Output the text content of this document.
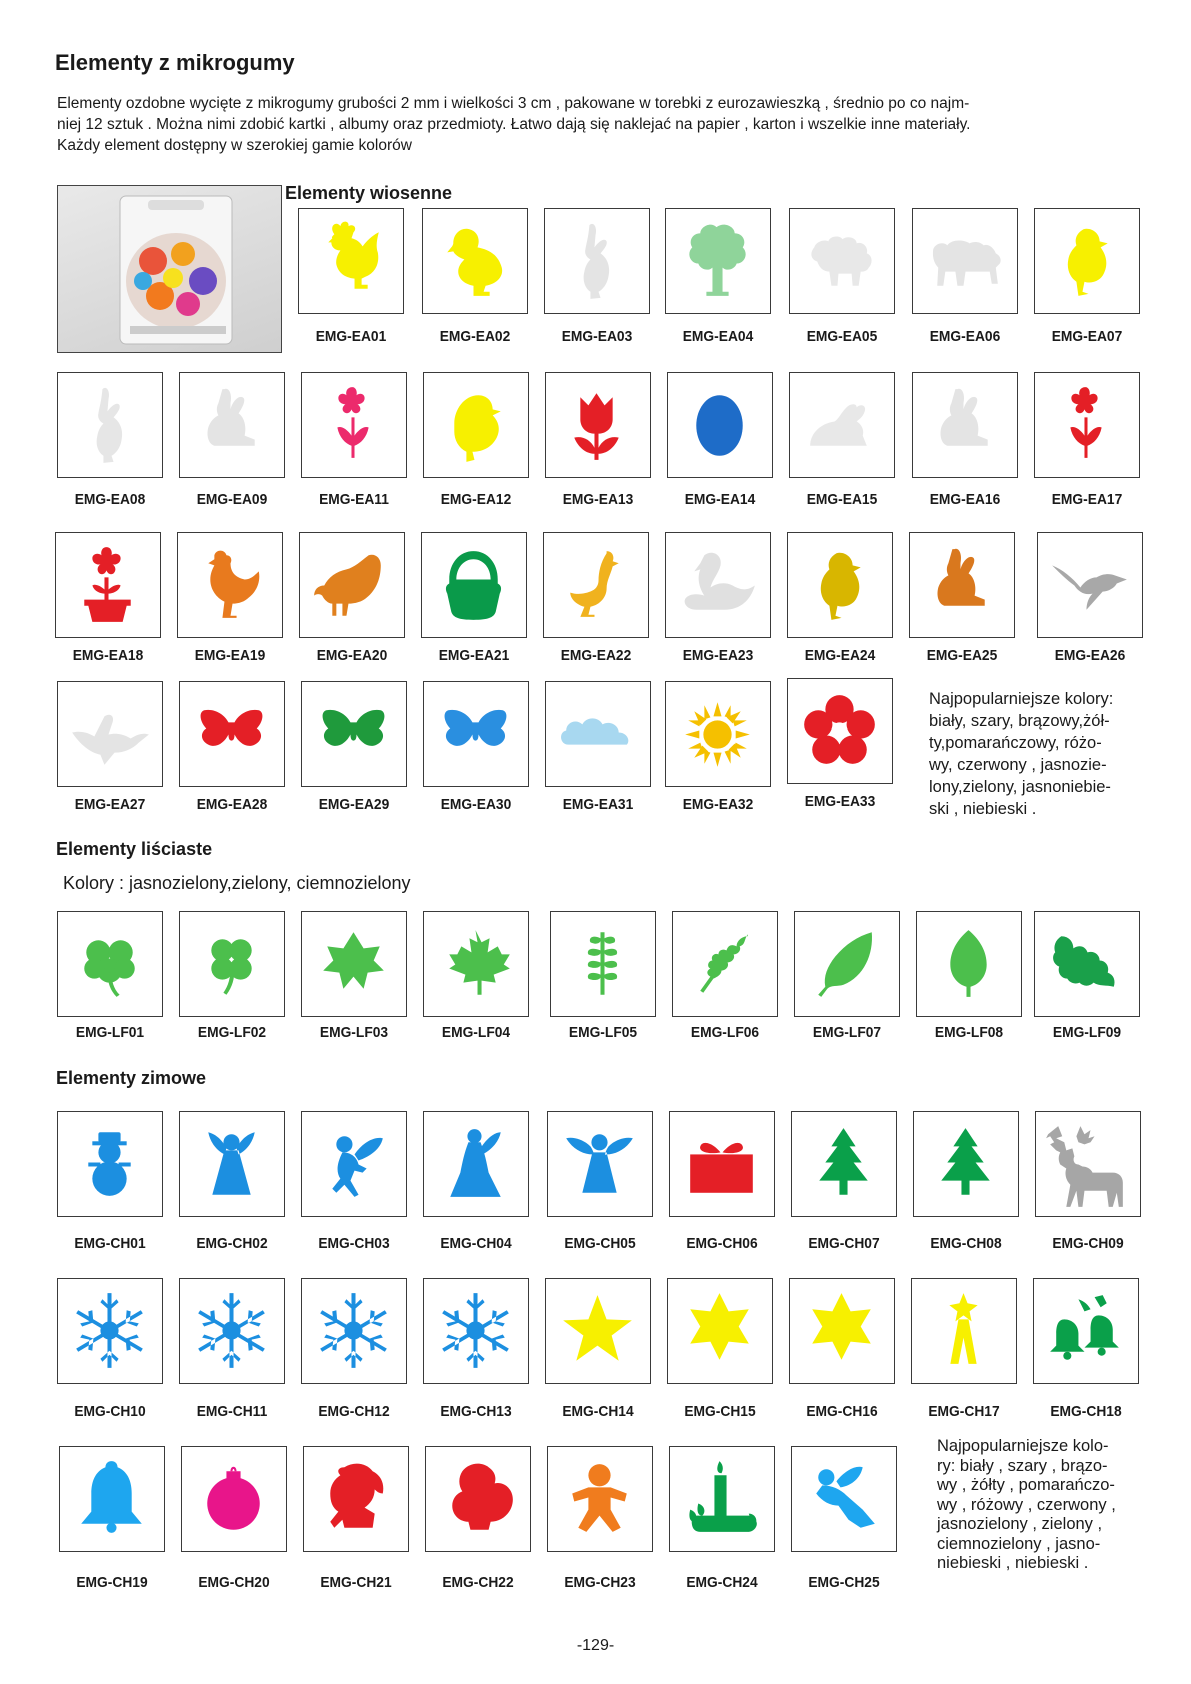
Elementy z mikrogumy
Elementy ozdobne wycięte z mikrogumy grubości 2 mm i wielkości 3 cm , pakowane w torebki z eurozawieszką , średnio po co najm-
niej 12 sztuk . Można nimi zdobić kartki , albumy oraz przedmioty. Łatwo dają się naklejać na papier , karton i wszelkie inne materiały.
Każdy element dostępny w szerokiej gamie kolorów
Elementy wiosenne
EMG-EA01	EMG-EA02	EMG-EA03	EMG-EA04	EMG-EA05	EMG-EA06	EMG-EA07
EMG-EA08	EMG-EA09	EMG-EA11	EMG-EA12	EMG-EA13	EMG-EA14	EMG-EA15	EMG-EA16	EMG-EA17
EMG-EA18	EMG-EA19	EMG-EA20	EMG-EA21	EMG-EA22	EMG-EA23	EMG-EA24	EMG-EA25	EMG-EA26
EMG-EA27	EMG-EA28	EMG-EA29	EMG-EA30	EMG-EA31	EMG-EA32	EMG-EA33
Najpopularniejsze kolory:
biały, szary, brązowy,żół-
ty,pomarańczowy, różo-
wy, czerwony , jasnozie-
lony,zielony, jasnoniebie-
ski , niebieski .
Elementy liściaste
Kolory : jasnozielony,zielony, ciemnozielony
EMG-LF01	EMG-LF02	EMG-LF03	EMG-LF04	EMG-LF05	EMG-LF06	EMG-LF07	EMG-LF08	EMG-LF09
Elementy zimowe
EMG-CH01	EMG-CH02	EMG-CH03	EMG-CH04	EMG-CH05	EMG-CH06	EMG-CH07	EMG-CH08	EMG-CH09
EMG-CH10	EMG-CH11	EMG-CH12	EMG-CH13	EMG-CH14	EMG-CH15	EMG-CH16	EMG-CH17	EMG-CH18
EMG-CH19	EMG-CH20	EMG-CH21	EMG-CH22	EMG-CH23	EMG-CH24	EMG-CH25
Najpopularniejsze kolo-
ry: biały , szary , brązo-
wy , żółty , pomarańczo-
wy , różowy , czerwony ,
jasnozielony , zielony ,
ciemnozielony , jasno-
niebieski , niebieski .
-129-
